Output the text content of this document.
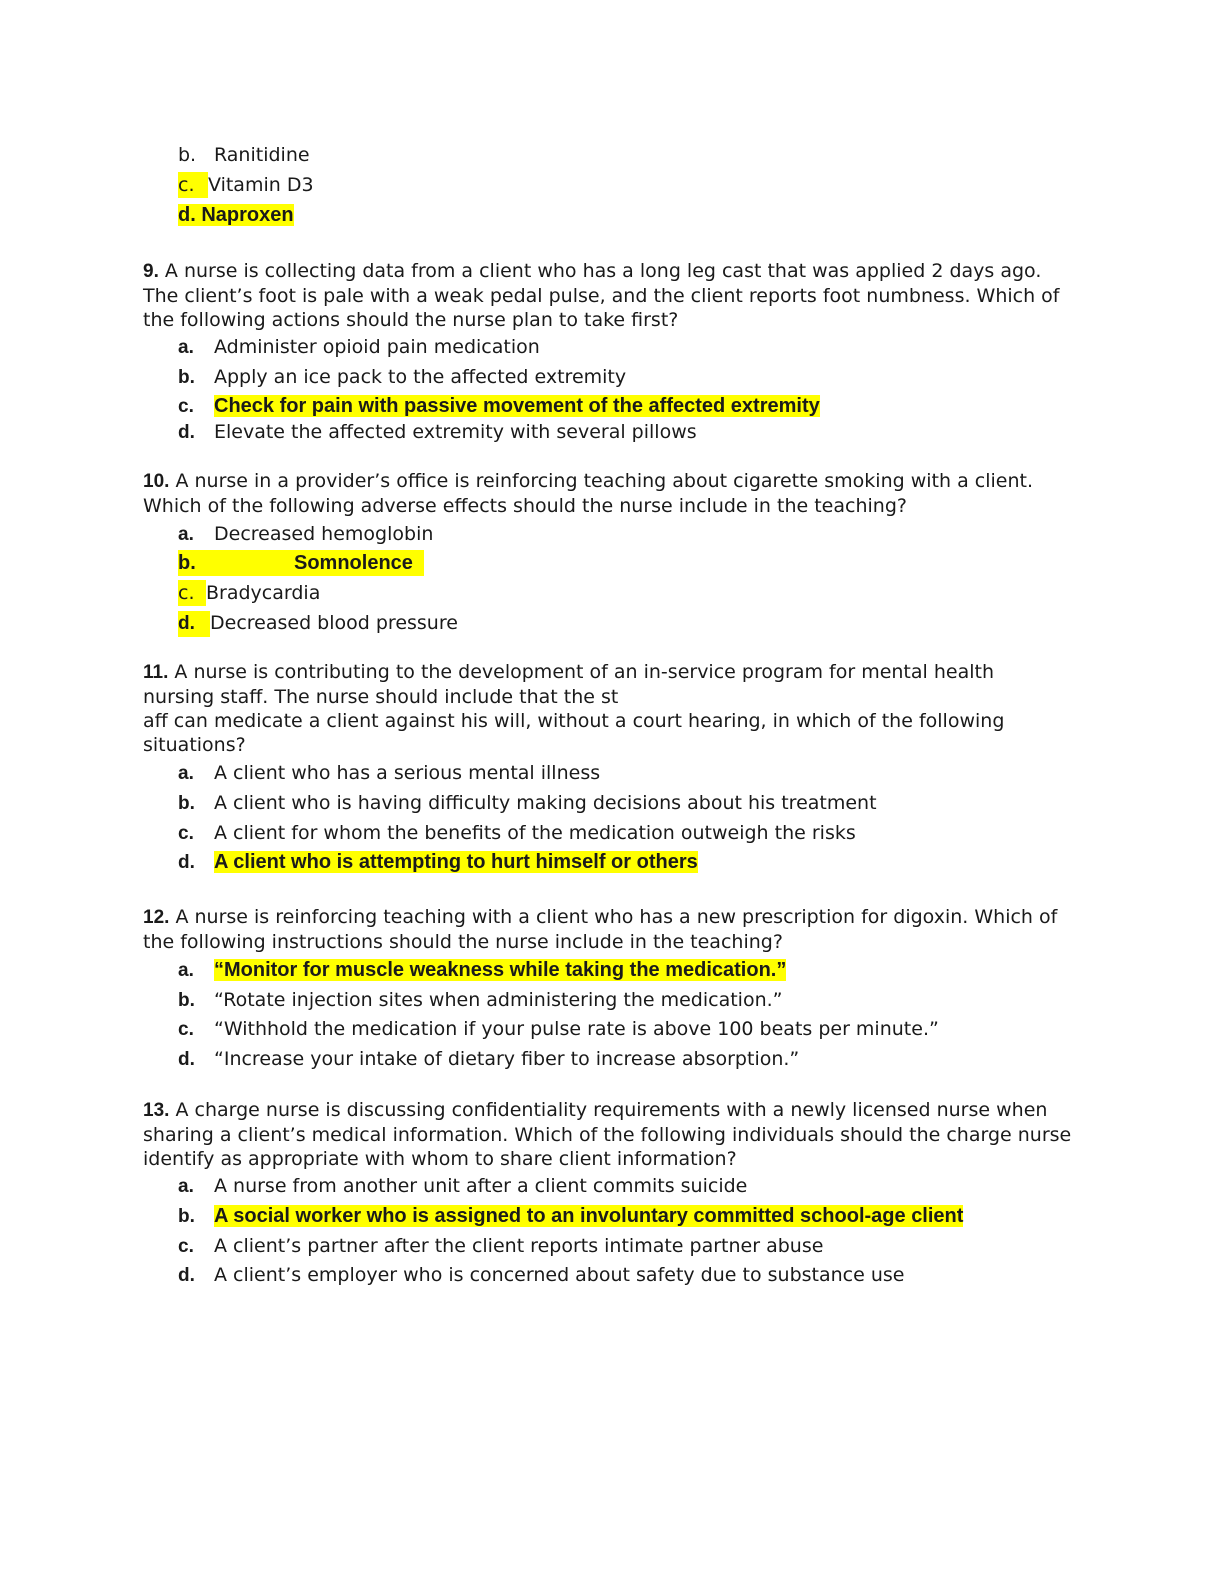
b. Ranitidine
c. Vitamin D3
d. Naproxen
9. A nurse is collecting data from a client who has a long leg cast that was applied 2 days ago. The client’s foot is pale with a weak pedal pulse, and the client reports foot numbness. Which of the following actions should the nurse plan to take first?
a. Administer opioid pain medication
b. Apply an ice pack to the affected extremity
c. Check for pain with passive movement of the affected extremity
d. Elevate the affected extremity with several pillows
10. A nurse in a provider’s office is reinforcing teaching about cigarette smoking with a client. Which of the following adverse effects should the nurse include in the teaching?
a. Decreased hemoglobin
b.	Somnolence
c. Bradycardia
d. Decreased blood pressure
11. A nurse is contributing to the development of an in-service program for mental health
nursing staff. The nurse should include that the st
aff can medicate a client against his will, without a court hearing, in which of the following
situations?
a. A client who has a serious mental illness
b. A client who is having difficulty making decisions about his treatment
c. A client for whom the benefits of the medication outweigh the risks
d. A client who is attempting to hurt himself or others
12. A nurse is reinforcing teaching with a client who has a new prescription for digoxin. Which of the following instructions should the nurse include in the teaching?
a. “Monitor for muscle weakness while taking the medication.”
b. “Rotate injection sites when administering the medication.”
c. “Withhold the medication if your pulse rate is above 100 beats per minute.”
d. “Increase your intake of dietary fiber to increase absorption.”
13. A charge nurse is discussing confidentiality requirements with a newly licensed nurse when sharing a client’s medical information. Which of the following individuals should the charge nurse identify as appropriate with whom to share client information?
a. A nurse from another unit after a client commits suicide
b. A social worker who is assigned to an involuntary committed school-age client
c. A client’s partner after the client reports intimate partner abuse
d. A client’s employer who is concerned about safety due to substance use
